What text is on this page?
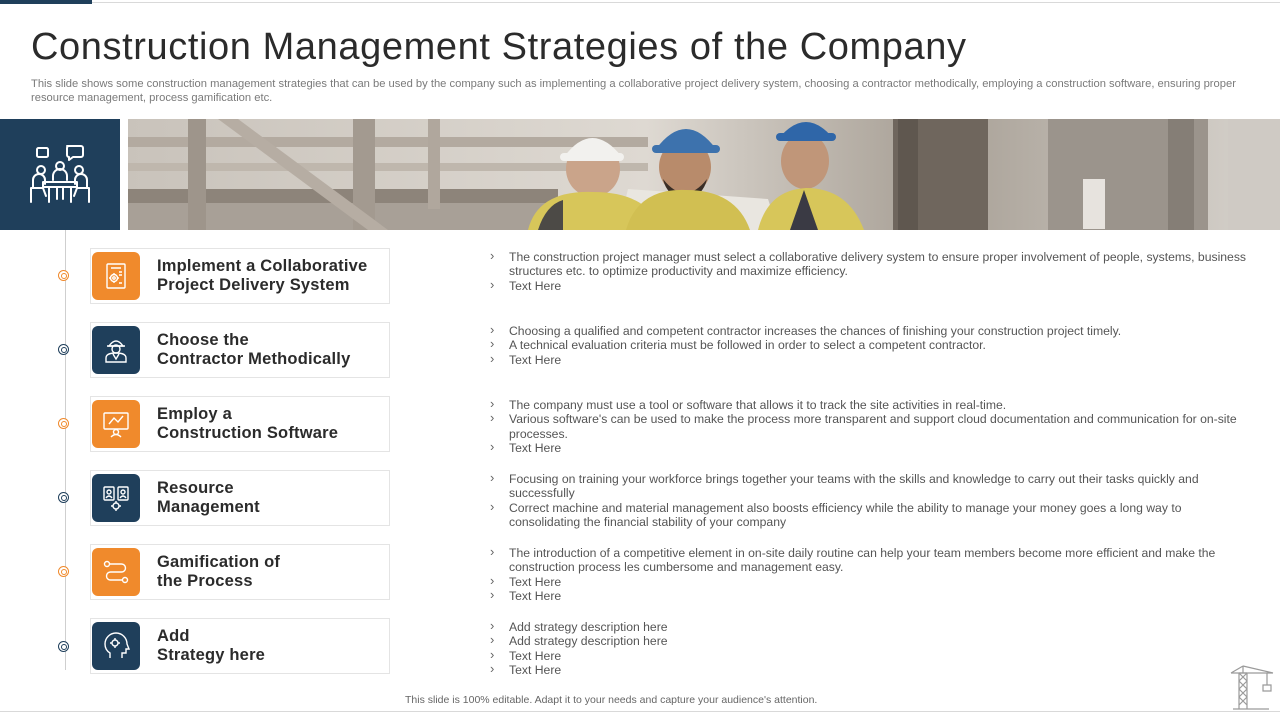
Construction Management Strategies of the Company

This slide shows some construction management strategies that can be used by the company such as implementing a collaborative project delivery system, choosing a contractor methodically, employing a construction software, ensuring proper resource management, process gamification etc.

Implement a Collaborative
Project Delivery System
Choose the
Contractor Methodically
Employ a
Construction Software
Resource
Management
Gamification of
the Process
Add
Strategy here
› The construction project manager must select a collaborative delivery system to ensure proper involvement of people, systems, business structures etc. to optimize productivity and maximize efficiency.
› Text Here
› Choosing a qualified and competent contractor increases the chances of finishing your construction project timely.
› A technical evaluation criteria must be followed in order to select a competent contractor.
› Text Here
› The company must use a tool or software that allows it to track the site activities in real-time.
› Various software's can be used to make the process more transparent and support cloud documentation and communication for on-site processes.
› Text Here
› Focusing on training your workforce brings together your teams with the skills and knowledge to carry out their tasks quickly and successfully
› Correct machine and material management also boosts efficiency while the ability to manage your money goes a long way to consolidating the financial stability of your company
› The introduction of a competitive element in on-site daily routine can help your team members become more efficient and make the construction process les cumbersome and management easy.
› Text Here
› Text Here
› Add strategy description here
› Add strategy description here
› Text Here
› Text Here
This slide is 100% editable. Adapt it to your needs and capture your audience's attention.
